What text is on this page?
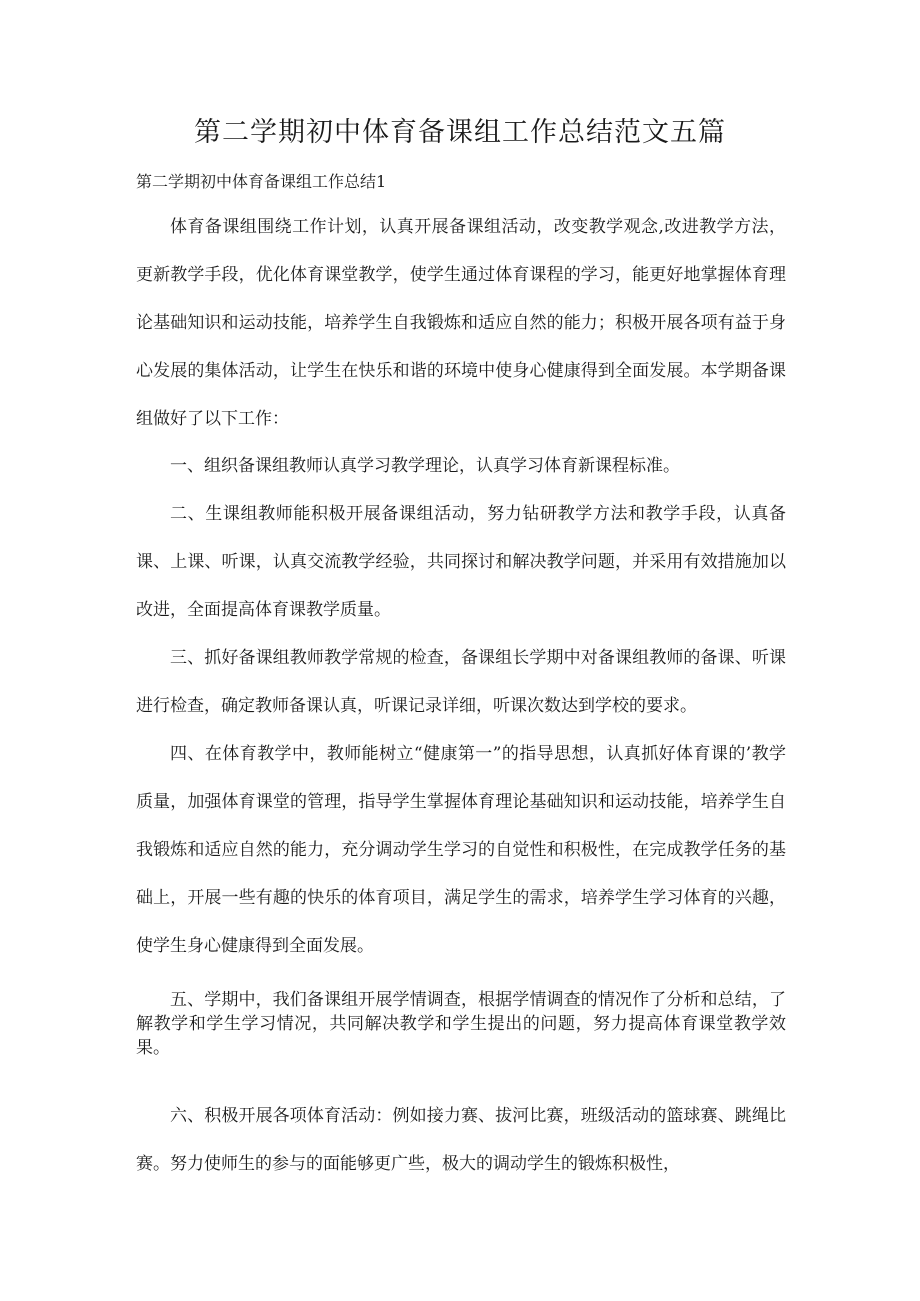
第二学期初中体育备课组工作总结范文五篇

第二学期初中体育备课组工作总结1

体育备课组围绕工作计划，认真开展备课组活动，改变教学观念,改进教学方法，更新教学手段，优化体育课堂教学，使学生通过体育课程的学习，能更好地掌握体育理论基础知识和运动技能，培养学生自我锻炼和适应自然的能力；积极开展各项有益于身心发展的集体活动，让学生在快乐和谐的环境中使身心健康得到全面发展。本学期备课组做好了以下工作：

一、组织备课组教师认真学习教学理论，认真学习体育新课程标准。

二、生课组教师能积极开展备课组活动，努力钻研教学方法和教学手段，认真备课、上课、听课，认真交流教学经验，共同探讨和解决教学问题，并采用有效措施加以改进，全面提高体育课教学质量。

三、抓好备课组教师教学常规的检查，备课组长学期中对备课组教师的备课、听课进行检查，确定教师备课认真，听课记录详细，听课次数达到学校的要求。

四、在体育教学中，教师能树立“健康第一”的指导思想，认真抓好体育课的’教学质量，加强体育课堂的管理，指导学生掌握体育理论基础知识和运动技能，培养学生自我锻炼和适应自然的能力，充分调动学生学习的自觉性和积极性，在完成教学任务的基础上，开展一些有趣的快乐的体育项目，满足学生的需求，培养学生学习体育的兴趣，使学生身心健康得到全面发展。

五、学期中，我们备课组开展学情调查，根据学情调查的情况作了分析和总结，了解教学和学生学习情况，共同解决教学和学生提出的问题，努力提高体育课堂教学效果。

六、积极开展各项体育活动：例如接力赛、拔河比赛，班级活动的篮球赛、跳绳比赛。努力使师生的参与的面能够更广些，极大的调动学生的锻炼积极性，
